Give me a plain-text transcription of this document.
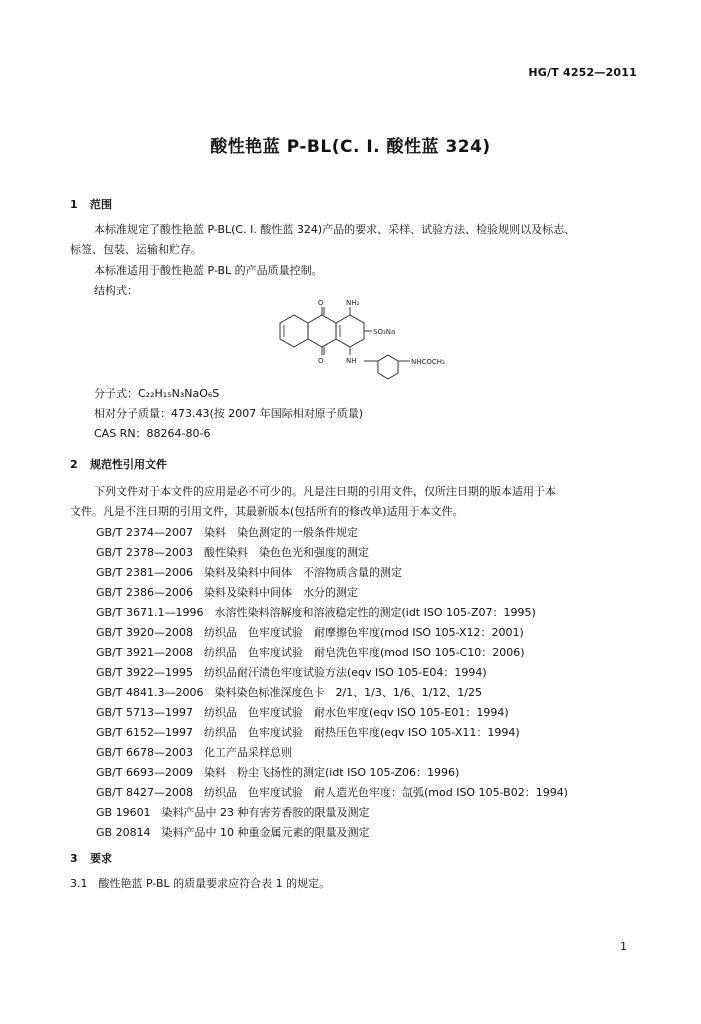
HG/T 4252—2011
酸性艳蓝 P-BL(C. I. 酸性蓝 324)
1 范围
本标准规定了酸性艳蓝 P-BL(C. I. 酸性蓝 324)产品的要求、采样、试验方法、检验规则以及标志、
标签、包装、运输和贮存。
本标准适用于酸性艳蓝 P-BL 的产品质量控制。
结构式：
O	NH₂
SO₃Na
O	NH	NHCOCH₃
分子式：C₂₂H₁₅N₃NaO₆S
相对分子质量：473.43(按 2007 年国际相对原子质量)
CAS RN：88264-80-6
2 规范性引用文件
下列文件对于本文件的应用是必不可少的。凡是注日期的引用文件，仅所注日期的版本适用于本
文件。凡是不注日期的引用文件，其最新版本(包括所有的修改单)适用于本文件。
GB/T 2374—2007　染料　染色测定的一般条件规定
GB/T 2378—2003　酸性染料　染色色光和强度的测定
GB/T 2381—2006　染料及染料中间体　不溶物质含量的测定
GB/T 2386—2006　染料及染料中间体　水分的测定
GB/T 3671.1—1996　水溶性染料溶解度和溶液稳定性的测定(idt ISO 105-Z07：1995)
GB/T 3920—2008　纺织品　色牢度试验　耐摩擦色牢度(mod ISO 105-X12：2001)
GB/T 3921—2008　纺织品　色牢度试验　耐皂洗色牢度(mod ISO 105-C10：2006)
GB/T 3922—1995　纺织品耐汗渍色牢度试验方法(eqv ISO 105-E04：1994)
GB/T 4841.3—2006　染料染色标准深度色卡　2/1、1/3、1/6、1/12、1/25
GB/T 5713—1997　纺织品　色牢度试验　耐水色牢度(eqv ISO 105-E01：1994)
GB/T 6152—1997　纺织品　色牢度试验　耐热压色牢度(eqv ISO 105-X11：1994)
GB/T 6678—2003　化工产品采样总则
GB/T 6693—2009　染料　粉尘飞扬性的测定(idt ISO 105-Z06：1996)
GB/T 8427—2008　纺织品　色牢度试验　耐人造光色牢度：氙弧(mod ISO 105-B02：1994)
GB 19601　染料产品中 23 种有害芳香胺的限量及测定
GB 20814　染料产品中 10 种重金属元素的限量及测定
3 要求
3.1　 酸性艳蓝 P-BL 的质量要求应符合表 1 的规定。
1
